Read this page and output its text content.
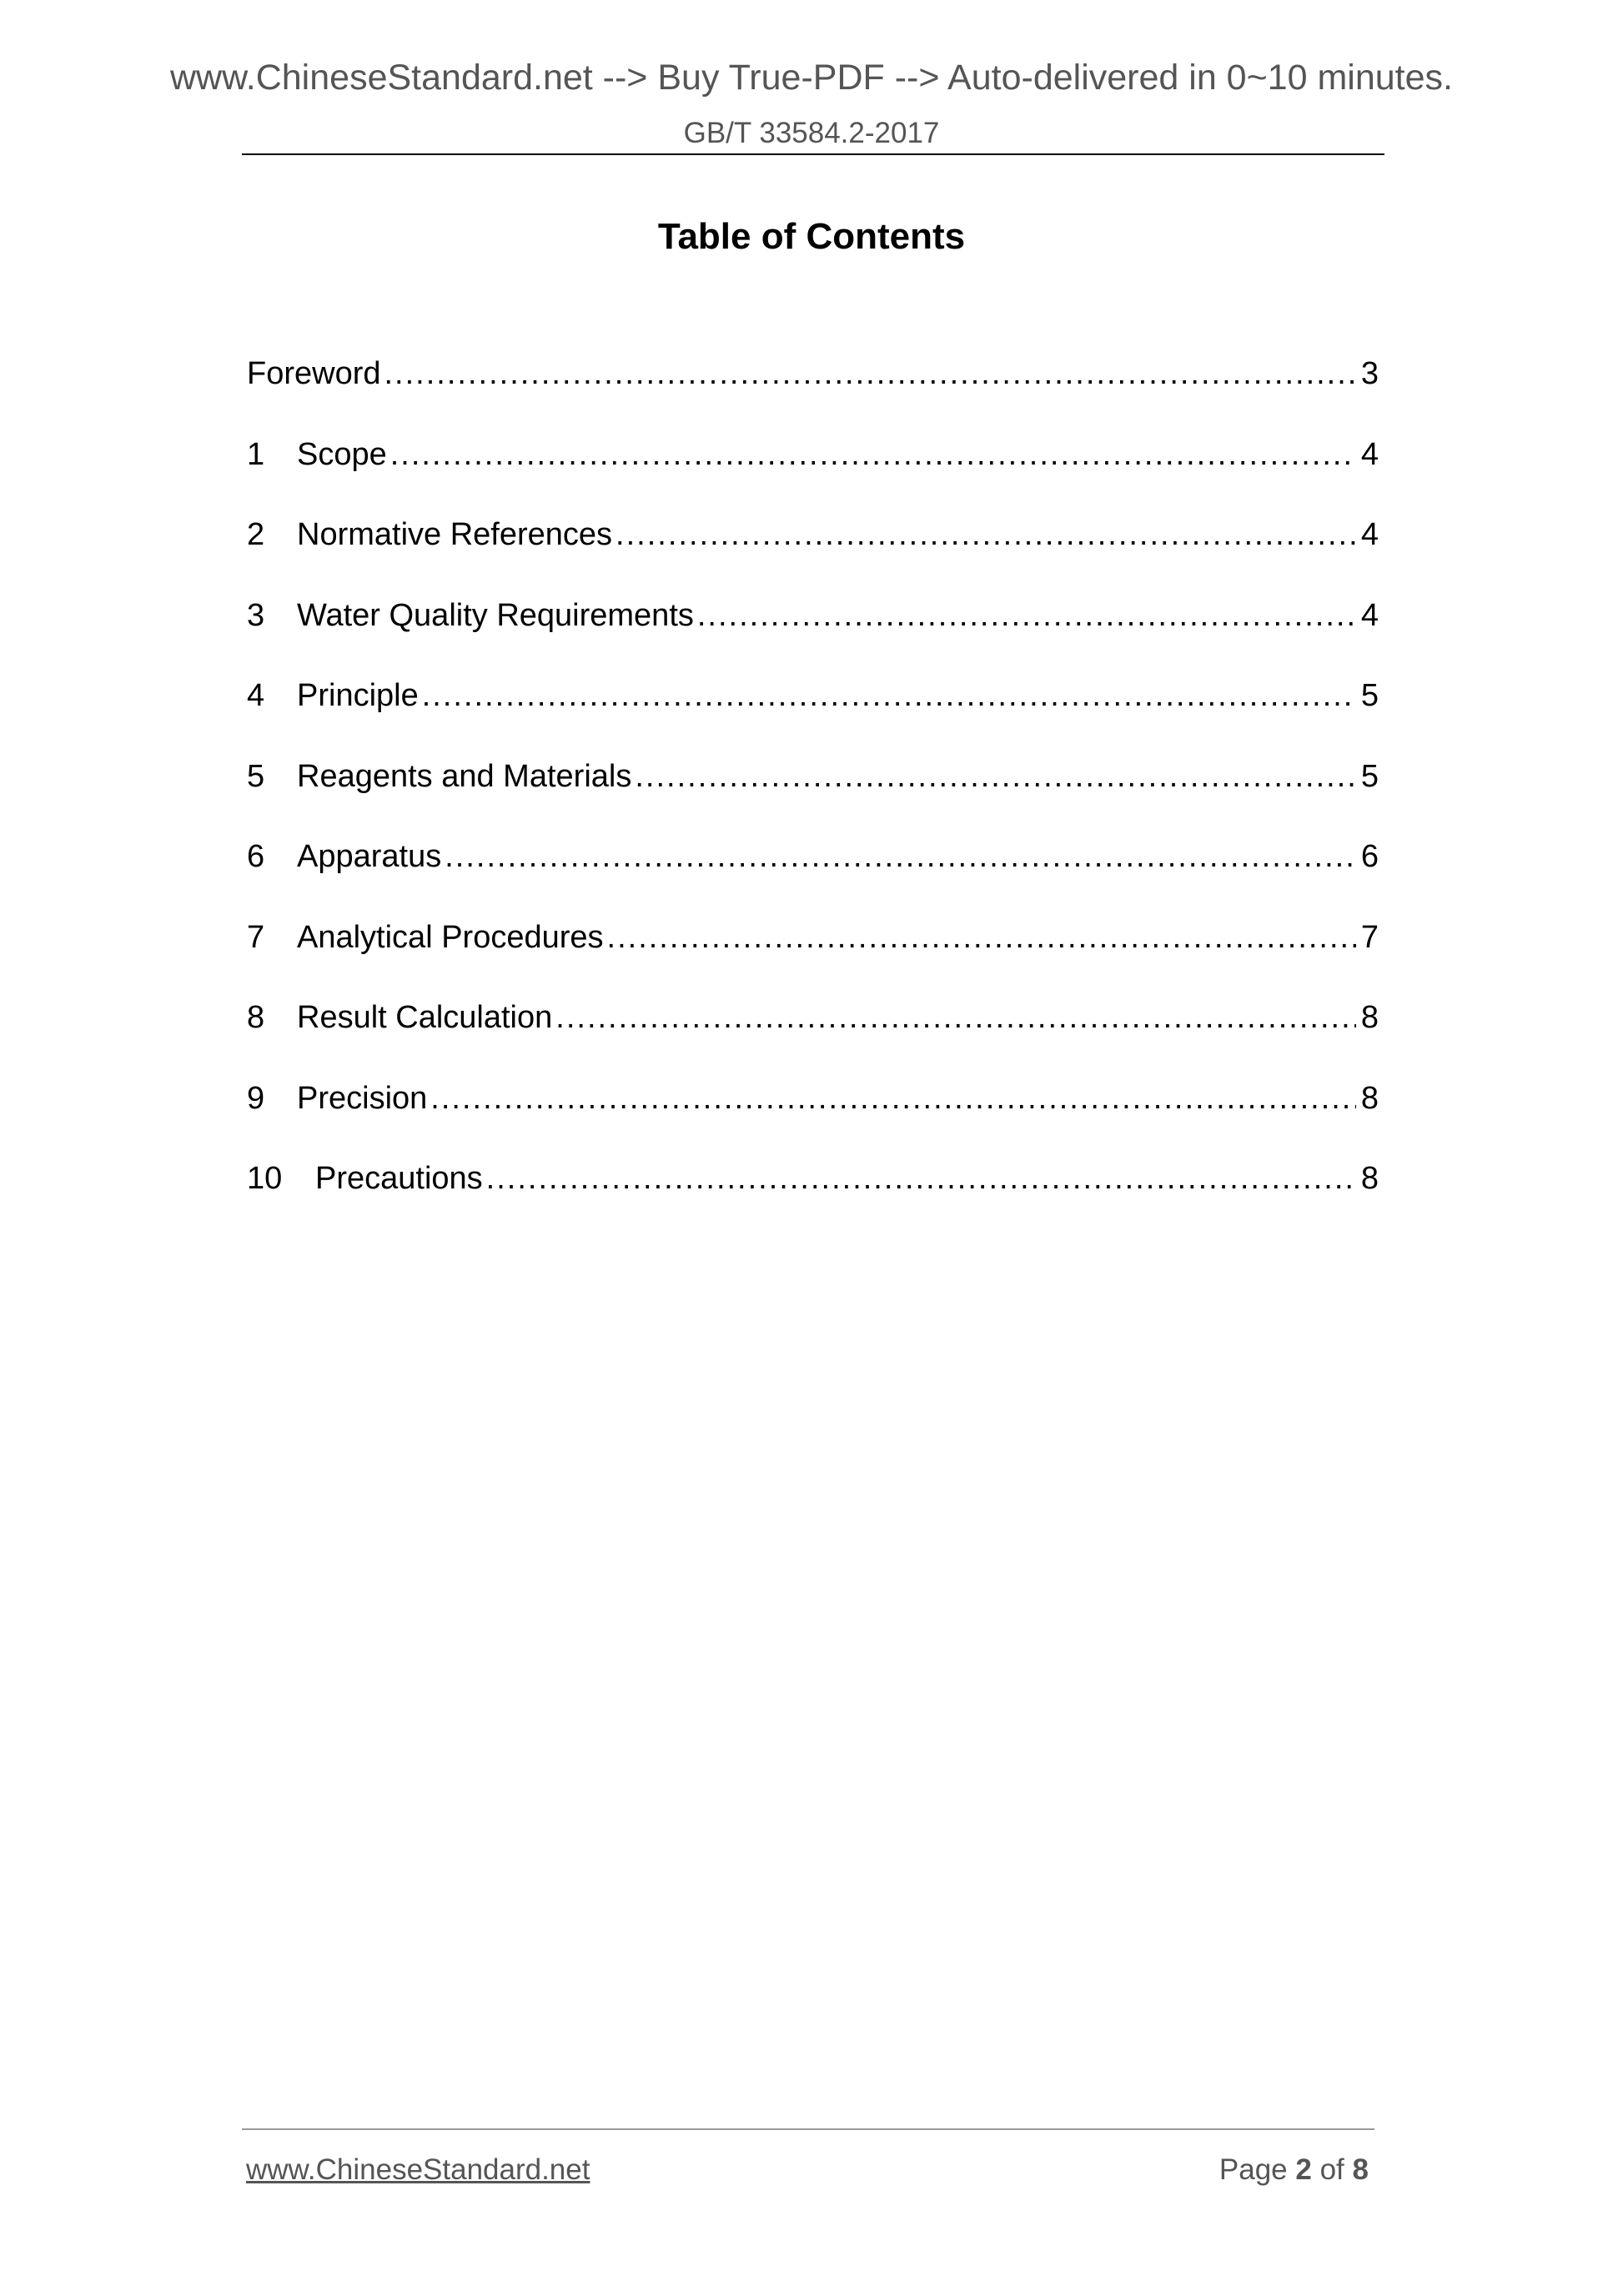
www.ChineseStandard.net --> Buy True-PDF --> Auto-delivered in 0~10 minutes.
GB/T 33584.2-2017
Table of Contents
Foreword .....	3
1	Scope .....	4
2	Normative References .....	4
3	Water Quality Requirements .....	4
4	Principle .....	5
5	Reagents and Materials .....	5
6	Apparatus .....	6
7	Analytical Procedures .....	7
8	Result Calculation .....	8
9	Precision .....	8
10	Precautions .....	8
www.ChineseStandard.net	Page 2 of 8
